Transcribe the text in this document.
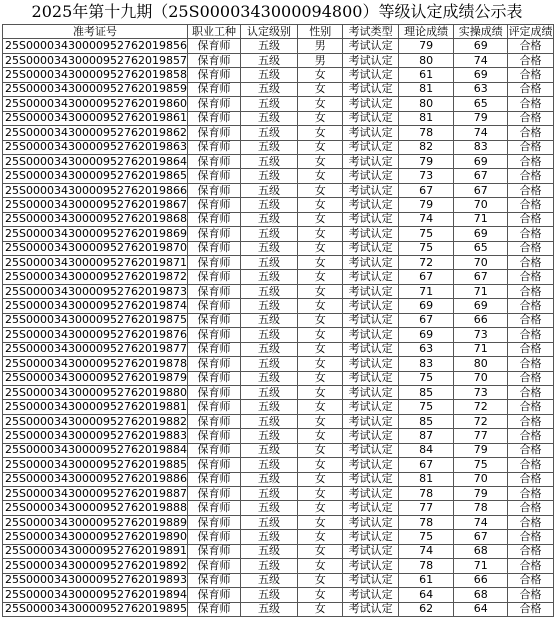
2025年第十九期（25S0000343000094800）等级认定成绩公示表
准考证号	职业工种	认定级别	性别	考试类型	理论成绩	实操成绩	评定成绩
25S00003430000952762019856	保育师	五级	男	考试认定	79	69	合格
25S00003430000952762019857	保育师	五级	男	考试认定	80	74	合格
25S00003430000952762019858	保育师	五级	女	考试认定	61	69	合格
25S00003430000952762019859	保育师	五级	女	考试认定	81	63	合格
25S00003430000952762019860	保育师	五级	女	考试认定	80	65	合格
25S00003430000952762019861	保育师	五级	女	考试认定	81	79	合格
25S00003430000952762019862	保育师	五级	女	考试认定	78	74	合格
25S00003430000952762019863	保育师	五级	女	考试认定	82	83	合格
25S00003430000952762019864	保育师	五级	女	考试认定	79	69	合格
25S00003430000952762019865	保育师	五级	女	考试认定	73	67	合格
25S00003430000952762019866	保育师	五级	女	考试认定	67	67	合格
25S00003430000952762019867	保育师	五级	女	考试认定	79	70	合格
25S00003430000952762019868	保育师	五级	女	考试认定	74	71	合格
25S00003430000952762019869	保育师	五级	女	考试认定	75	69	合格
25S00003430000952762019870	保育师	五级	女	考试认定	75	65	合格
25S00003430000952762019871	保育师	五级	女	考试认定	72	70	合格
25S00003430000952762019872	保育师	五级	女	考试认定	67	67	合格
25S00003430000952762019873	保育师	五级	女	考试认定	71	71	合格
25S00003430000952762019874	保育师	五级	女	考试认定	69	69	合格
25S00003430000952762019875	保育师	五级	女	考试认定	67	66	合格
25S00003430000952762019876	保育师	五级	女	考试认定	69	73	合格
25S00003430000952762019877	保育师	五级	女	考试认定	63	71	合格
25S00003430000952762019878	保育师	五级	女	考试认定	83	80	合格
25S00003430000952762019879	保育师	五级	女	考试认定	75	70	合格
25S00003430000952762019880	保育师	五级	女	考试认定	85	73	合格
25S00003430000952762019881	保育师	五级	女	考试认定	75	72	合格
25S00003430000952762019882	保育师	五级	女	考试认定	85	72	合格
25S00003430000952762019883	保育师	五级	女	考试认定	87	77	合格
25S00003430000952762019884	保育师	五级	女	考试认定	84	79	合格
25S00003430000952762019885	保育师	五级	女	考试认定	67	75	合格
25S00003430000952762019886	保育师	五级	女	考试认定	81	70	合格
25S00003430000952762019887	保育师	五级	女	考试认定	78	79	合格
25S00003430000952762019888	保育师	五级	女	考试认定	77	78	合格
25S00003430000952762019889	保育师	五级	女	考试认定	78	74	合格
25S00003430000952762019890	保育师	五级	女	考试认定	75	67	合格
25S00003430000952762019891	保育师	五级	女	考试认定	74	68	合格
25S00003430000952762019892	保育师	五级	女	考试认定	78	71	合格
25S00003430000952762019893	保育师	五级	女	考试认定	61	66	合格
25S00003430000952762019894	保育师	五级	女	考试认定	64	68	合格
25S00003430000952762019895	保育师	五级	女	考试认定	62	64	合格
